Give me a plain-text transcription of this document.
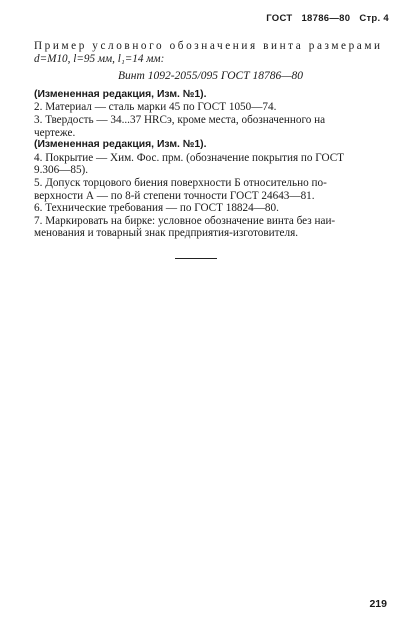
ГОСТ 18786—80 Стр. 4

Пример условного обозначения винта размерами

d=M10, l=95 мм, l₁=14 мм:

Винт 1092-2055/095 ГОСТ 18786—80

(Измененная редакция, Изм. №1).

2. Материал — сталь марки 45 по ГОСТ 1050—74.

3. Твердость — 34...37 HRCэ, кроме места, обозначенного на

чертеже.

(Измененная редакция, Изм. №1).

4. Покрытие — Хим. Фос. прм. (обозначение покрытия по ГОСТ

9.306—85).

5. Допуск торцового биения поверхности Б относительно по-

верхности А — по 8-й степени точности ГОСТ 24643—81.

6. Технические требования — по ГОСТ 18824—80.

7. Маркировать на бирке: условное обозначение винта без наи-

менования и товарный знак предприятия-изготовителя.

219
